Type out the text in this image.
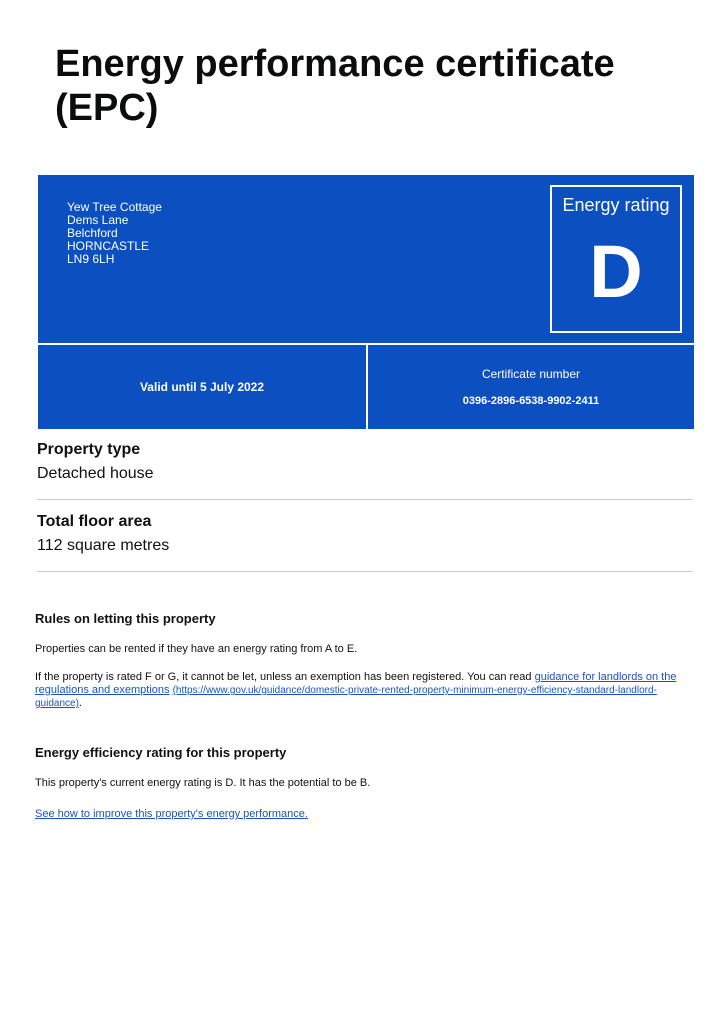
Energy performance certificate (EPC)
Yew Tree Cottage
Dems Lane
Belchford
HORNCASTLE
LN9 6LH
Energy rating
D
Valid until 5 July 2022
Certificate number
0396-2896-6538-9902-2411
Property type
Detached house
Total floor area
112 square metres
Rules on letting this property
Properties can be rented if they have an energy rating from A to E.
If the property is rated F or G, it cannot be let, unless an exemption has been registered. You can read guidance for landlords on the regulations and exemptions (https://www.gov.uk/guidance/domestic-private-rented-property-minimum-energy-efficiency-standard-landlord-guidance).
Energy efficiency rating for this property
This property's current energy rating is D. It has the potential to be B.
See how to improve this property's energy performance.
